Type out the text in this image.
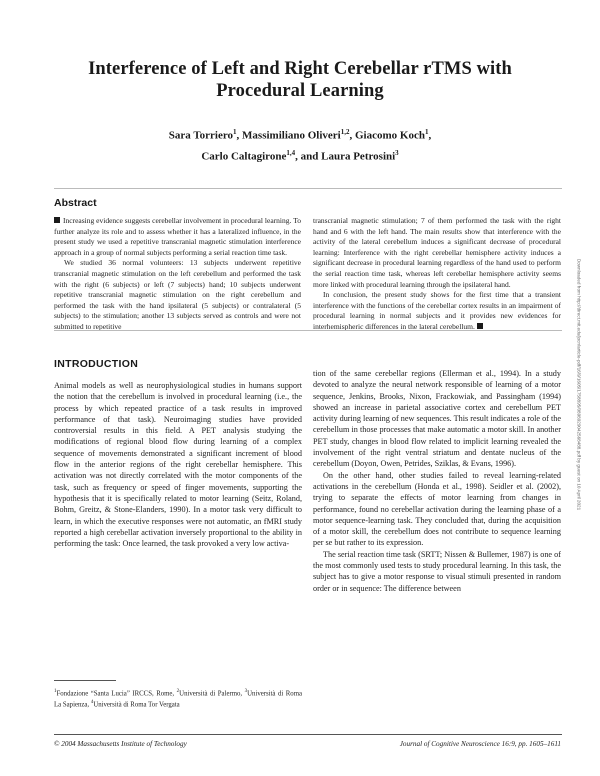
Interference of Left and Right Cerebellar rTMS with
Procedural Learning
Sara Torriero$^1$, Massimiliano Oliveri$^{1,2}$, Giacomo Koch$^1$,
Carlo Caltagirone$^{1,4}$, and Laura Petrosini$^3$
Abstract

Increasing evidence suggests cerebellar involvement in procedural learning. To further analyze its role and to assess whether it has a lateralized influence, in the present study we used a repetitive transcranial magnetic stimulation interference approach in a group of normal subjects performing a serial reaction time task.

We studied 36 normal volunteers: 13 subjects underwent repetitive transcranial magnetic stimulation on the left cerebellum and performed the task with the right (6 subjects) or left (7 subjects) hand; 10 subjects underwent repetitive transcranial magnetic stimulation on the right cerebellum and performed the task with the hand ipsilateral (5 subjects) or contralateral (5 subjects) to the stimulation; another 13 subjects served as controls and were not submitted to repetitive

transcranial magnetic stimulation; 7 of them performed the task with the right hand and 6 with the left hand. The main results show that interference with the activity of the lateral cerebellum induces a significant decrease of procedural learning: Interference with the right cerebellar hemisphere activity induces a significant decrease in procedural learning regardless of the hand used to perform the serial reaction time task, whereas left cerebellar hemisphere activity seems more linked with procedural learning through the ipsilateral hand.

In conclusion, the present study shows for the first time that a transient interference with the functions of the cerebellar cortex results in an impairment of procedural learning in normal subjects and it provides new evidences for interhemispheric differences in the lateral cerebellum.	Downloaded from http://direct.mit.edu/jocn/article-pdf/16/9/1605/1758895/0898929042568488.pdf by guest on 10 April 2021
INTRODUCTION

Animal models as well as neurophysiological studies in humans support the notion that the cerebellum is involved in procedural learning (i.e., the process by which repeated practice of a task results in improved performance of that task). Neuroimaging studies have provided controversial results in this field. A PET analysis studying the modifications of regional blood flow during learning of a complex sequence of movements demonstrated a significant increment of blood flow in the anterior regions of the right cerebellar hemisphere. This activation was not directly correlated with the motor components of the task, such as frequency or speed of finger movements, supporting the hypothesis that it is specifically related to motor learning (Seitz, Roland, Bohm, Greitz, & Stone-Elanders, 1990). In a motor task very difficult to learn, in which the executive responses were not automatic, an fMRI study reported a high cerebellar activation inversely proportional to the ability in performing the task: Once learned, the task provoked a very low activa-

tion of the same cerebellar regions (Ellerman et al., 1994). In a study devoted to analyze the neural network responsible of learning of a motor sequence, Jenkins, Brooks, Nixon, Frackowiak, and Passingham (1994) showed an increase in parietal associative cortex and cerebellum PET activity during learning of new sequences. This result indicates a role of the cerebellum in those processes that make automatic a motor skill. In another PET study, changes in blood flow related to implicit learning revealed the involvement of the right ventral striatum and dentate nucleus of the cerebellum (Doyon, Owen, Petrides, Sziklas, & Evans, 1996).

On the other hand, other studies failed to reveal learning-related activations in the cerebellum (Honda et al., 1998). Seidler et al. (2002), trying to separate the effects of motor learning from changes in performance, found no cerebellar activation during the learning phase of a motor sequence-learning task. They concluded that, during the acquisition of a motor skill, the cerebellum does not contribute to sequence learning per se but rather to its expression.

The serial reaction time task (SRTT; Nissen & Bullemer, 1987) is one of the most commonly used tests to study procedural learning. In this task, the subject has to give a motor response to visual stimuli presented in random order or in sequence: The difference between

$^1$Fondazione “Santa Lucia” IRCCS, Rome, $^2$Università di Palermo, $^3$Università di Roma La Sapienza, $^4$Università di Roma Tor Vergata
© 2004 Massachusetts Institute of Technology	Journal of Cognitive Neuroscience 16:9, pp. 1605–1611
